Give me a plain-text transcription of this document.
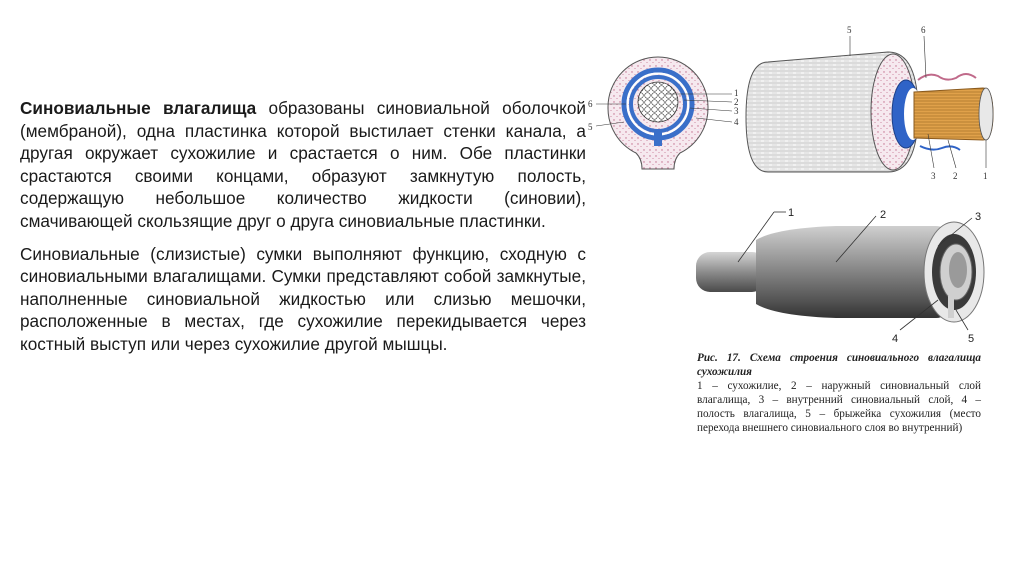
Синовиальные влагалища образованы синовиальной оболочкой (мембраной), одна пластинка которой выстилает стенки канала, а другая окружает сухожилие и срастается о ним. Обе пластинки срастаются своими концами, образуют замкнутую полость, содержащую небольшое количество жидкости (синовии), смачивающей скользящие друг о друга синовиальные пластинки.

Синовиальные (слизистые) сумки выполняют функцию, сходную с синовиальными влагалищами. Сумки представляют собой замкнутые, наполненные синовиальной жидкостью или слизью мешочки, расположенные в местах, где сухожилие перекидывается через костный выступ или через сухожилие другой мышцы.

1
2
3
4
5
6
5	6
3 2	1
1	2	3
4	5
Рис. 17. Схема строения синовиального влагалища сухожилия
1 – сухожилие, 2 – наружный синовиальный слой влагалища, 3 – внутренний синовиальный слой, 4 – полость влагалища, 5 – брыжейка сухожилия (место перехода внешнего синовиального слоя во внутренний)
